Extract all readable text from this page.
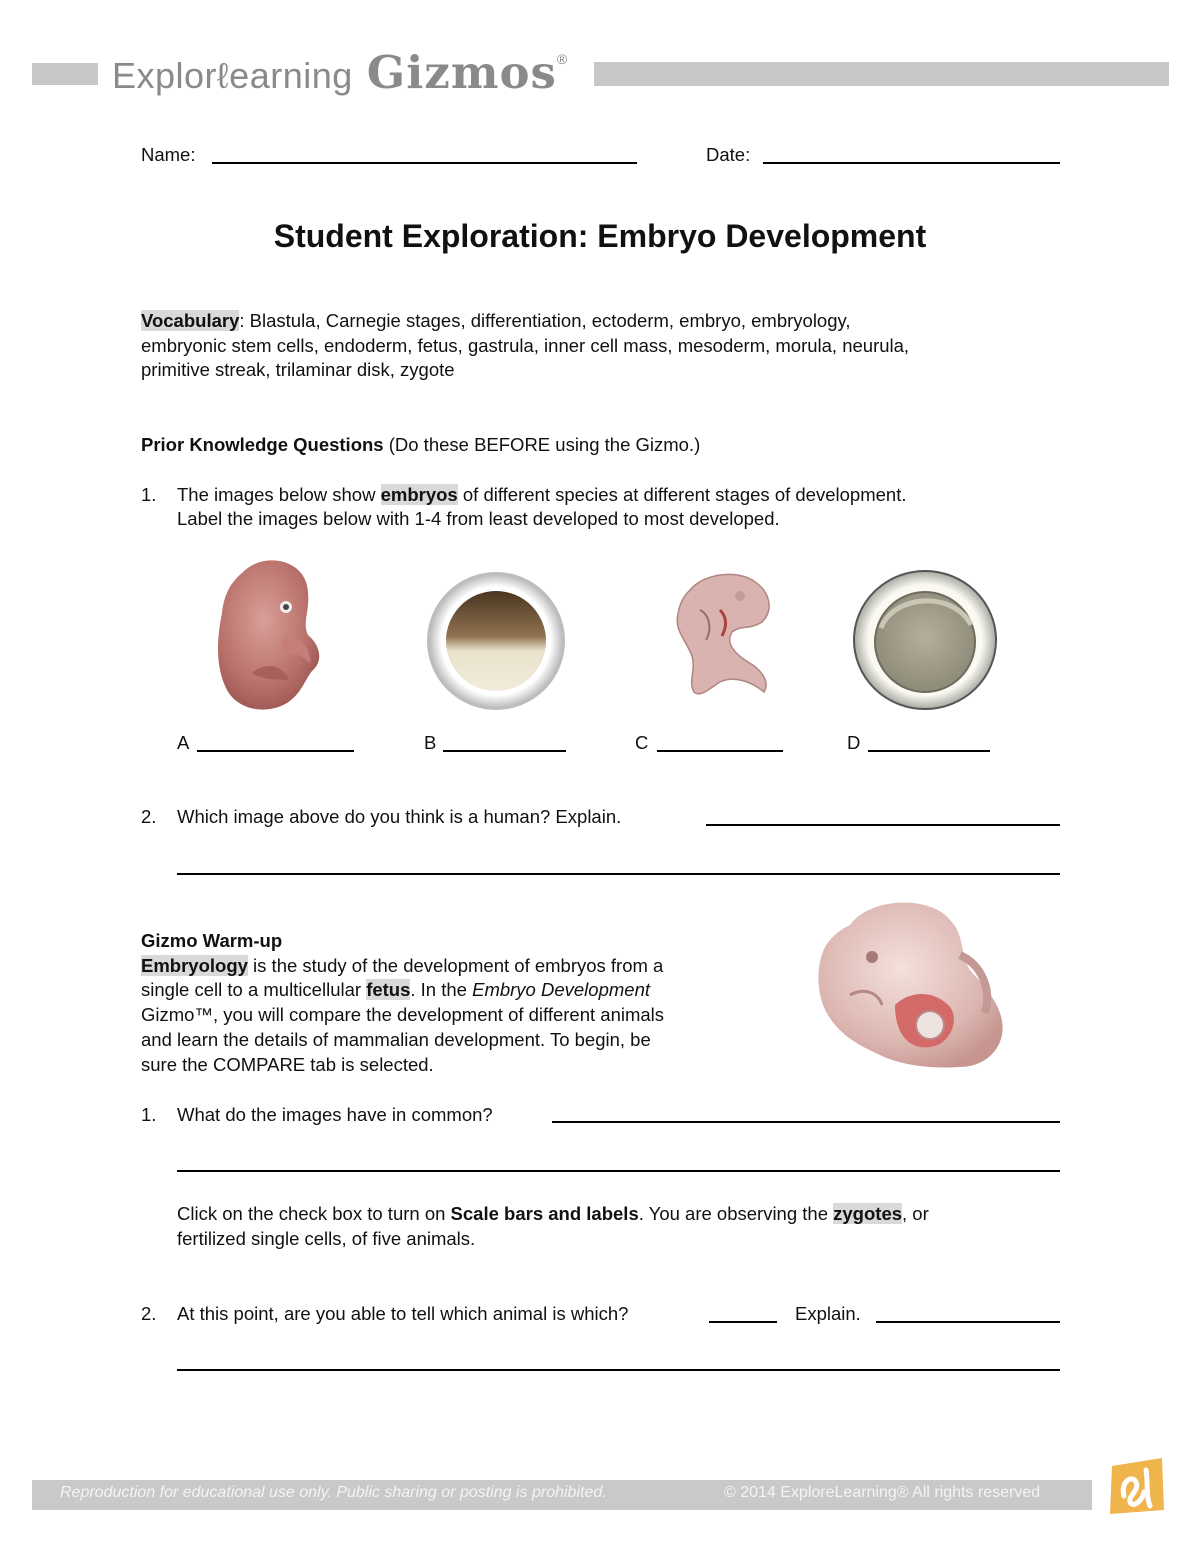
Explorℓearning Gizmos ®
Name:	Date:
Student Exploration: Embryo Development
Vocabulary: Blastula, Carnegie stages, differentiation, ectoderm, embryo, embryology,
embryonic stem cells, endoderm, fetus, gastrula, inner cell mass, mesoderm, morula, neurula,
primitive streak, trilaminar disk, zygote
Prior Knowledge Questions (Do these BEFORE using the Gizmo.)
1. The images below show embryos of different species at different stages of development.
Label the images below with 1-4 from least developed to most developed.
A	B	C	D
2. Which image above do you think is a human? Explain.
Gizmo Warm-up
Embryology is the study of the development of embryos from a
single cell to a multicellular fetus. In the Embryo Development
Gizmo™, you will compare the development of different animals
and learn the details of mammalian development. To begin, be
sure the COMPARE tab is selected.
1. What do the images have in common?
Click on the check box to turn on Scale bars and labels. You are observing the zygotes, or
fertilized single cells, of five animals.
2. At this point, are you able to tell which animal is which?	Explain.
Reproduction for educational use only. Public sharing or posting is prohibited.	© 2014 ExploreLearning® All rights reserved
